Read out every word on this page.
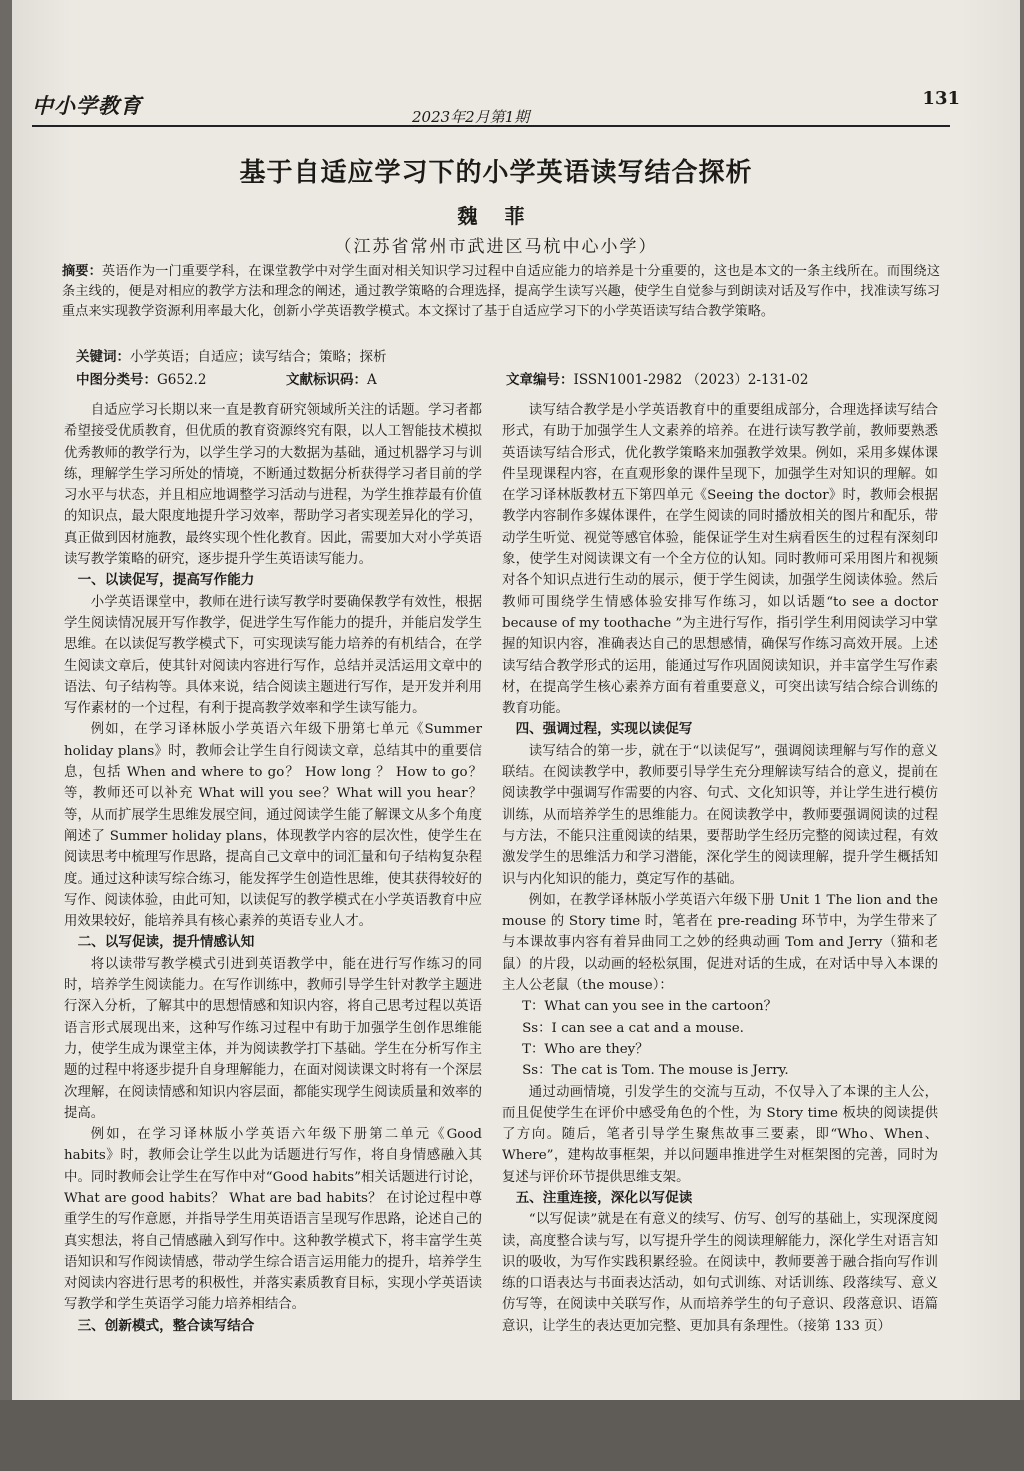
中小学教育	2023年2月第1期
131
基于自适应学习下的小学英语读写结合探析
魏 菲
（江苏省常州市武进区马杭中心小学）
摘要：英语作为一门重要学科，在课堂教学中对学生面对相关知识学习过程中自适应能力的培养是十分重要的，这也是本文的一条主线所在。而围绕这条主线的，便是对相应的教学方法和理念的阐述，通过教学策略的合理选择，提高学生读写兴趣，使学生自觉参与到朗读对话及写作中，找准读写练习重点来实现教学资源利用率最大化，创新小学英语教学模式。本文探讨了基于自适应学习下的小学英语读写结合教学策略。
关键词：小学英语；自适应；读写结合；策略；探析
中图分类号：G652.2	文献标识码：A	文章编号：ISSN1001-2982 （2023）2-131-02

自适应学习长期以来一直是教育研究领域所关注的话题。学习者都希望接受优质教育，但优质的教育资源终究有限，以人工智能技术模拟优秀教师的教学行为，以学生学习的大数据为基础，通过机器学习与训练，理解学生学习所处的情境，不断通过数据分析获得学习者目前的学习水平与状态，并且相应地调整学习活动与进程，为学生推荐最有价值的知识点，最大限度地提升学习效率，帮助学习者实现差异化的学习，真正做到因材施教，最终实现个性化教育。因此，需要加大对小学英语读写教学策略的研究，逐步提升学生英语读写能力。

一、以读促写，提高写作能力

小学英语课堂中，教师在进行读写教学时要确保教学有效性，根据学生阅读情况展开写作教学，促进学生写作能力的提升，并能启发学生思维。在以读促写教学模式下，可实现读写能力培养的有机结合，在学生阅读文章后，使其针对阅读内容进行写作，总结并灵活运用文章中的语法、句子结构等。具体来说，结合阅读主题进行写作，是开发并利用写作素材的一个过程，有利于提高教学效率和学生读写能力。

例如，在学习译林版小学英语六年级下册第七单元《Summer holiday plans》时，教师会让学生自行阅读文章，总结其中的重要信息，包括 When and where to go？ How long ？ How to go？等，教师还可以补充 What will you see？What will you hear？等，从而扩展学生思维发展空间，通过阅读学生能了解课文从多个角度阐述了 Summer holiday plans，体现教学内容的层次性，使学生在阅读思考中梳理写作思路，提高自己文章中的词汇量和句子结构复杂程度。通过这种读写综合练习，能发挥学生创造性思维，使其获得较好的写作、阅读体验，由此可知，以读促写的教学模式在小学英语教育中应用效果较好，能培养具有核心素养的英语专业人才。

二、以写促读，提升情感认知

将以读带写教学模式引进到英语教学中，能在进行写作练习的同时，培养学生阅读能力。在写作训练中，教师引导学生针对教学主题进行深入分析，了解其中的思想情感和知识内容，将自己思考过程以英语语言形式展现出来，这种写作练习过程中有助于加强学生创作思维能力，使学生成为课堂主体，并为阅读教学打下基础。学生在分析写作主题的过程中将逐步提升自身理解能力，在面对阅读课文时将有一个深层次理解，在阅读情感和知识内容层面，都能实现学生阅读质量和效率的提高。

例如，在学习译林版小学英语六年级下册第二单元《Good habits》时，教师会让学生以此为话题进行写作，将自身情感融入其中。同时教师会让学生在写作中对“Good habits”相关话题进行讨论，What are good habits？ What are bad habits？ 在讨论过程中尊重学生的写作意愿，并指导学生用英语语言呈现写作思路，论述自己的真实想法，将自己情感融入到写作中。这种教学模式下，将丰富学生英语知识和写作阅读情感，带动学生综合语言运用能力的提升，培养学生对阅读内容进行思考的积极性，并落实素质教育目标，实现小学英语读写教学和学生英语学习能力培养相结合。

三、创新模式，整合读写结合

读写结合教学是小学英语教育中的重要组成部分，合理选择读写结合形式，有助于加强学生人文素养的培养。在进行读写教学前，教师要熟悉英语读写结合形式，优化教学策略来加强教学效果。例如，采用多媒体课件呈现课程内容，在直观形象的课件呈现下，加强学生对知识的理解。如在学习译林版教材五下第四单元《Seeing the doctor》时，教师会根据教学内容制作多媒体课件，在学生阅读的同时播放相关的图片和配乐，带动学生听觉、视觉等感官体验，能保证学生对生病看医生的过程有深刻印象，使学生对阅读课文有一个全方位的认知。同时教师可采用图片和视频对各个知识点进行生动的展示，便于学生阅读，加强学生阅读体验。然后教师可围绕学生情感体验安排写作练习，如以话题“to see a doctor because of my toothache ”为主进行写作，指引学生利用阅读学习中掌握的知识内容，准确表达自己的思想感情，确保写作练习高效开展。上述读写结合教学形式的运用，能通过写作巩固阅读知识，并丰富学生写作素材，在提高学生核心素养方面有着重要意义，可突出读写结合综合训练的教育功能。

四、强调过程，实现以读促写

读写结合的第一步，就在于“以读促写”，强调阅读理解与写作的意义联结。在阅读教学中，教师要引导学生充分理解读写结合的意义，提前在阅读教学中强调写作需要的内容、句式、文化知识等，并让学生进行模仿训练，从而培养学生的思维能力。在阅读教学中，教师要强调阅读的过程与方法，不能只注重阅读的结果，要帮助学生经历完整的阅读过程，有效激发学生的思维活力和学习潜能，深化学生的阅读理解，提升学生概括知识与内化知识的能力，奠定写作的基础。

例如，在教学译林版小学英语六年级下册 Unit 1 The lion and the mouse 的 Story time 时，笔者在 pre-reading 环节中，为学生带来了与本课故事内容有着异曲同工之妙的经典动画 Tom and Jerry（猫和老鼠）的片段，以动画的轻松氛围，促进对话的生成，在对话中导入本课的主人公老鼠（the mouse）：

T：What can you see in the cartoon？

Ss：I can see a cat and a mouse.

T：Who are they？

Ss：The cat is Tom. The mouse is Jerry.

通过动画情境，引发学生的交流与互动，不仅导入了本课的主人公，而且促使学生在评价中感受角色的个性，为 Story time 板块的阅读提供了方向。随后，笔者引导学生聚焦故事三要素，即“Who、When、Where”，建构故事框架，并以问题串推进学生对框架图的完善，同时为复述与评价环节提供思维支架。

五、注重连接，深化以写促读

“以写促读”就是在有意义的续写、仿写、创写的基础上，实现深度阅读，高度整合读与写，以写提升学生的阅读理解能力，深化学生对语言知识的吸收，为写作实践积累经验。在阅读中，教师要善于融合指向写作训练的口语表达与书面表达活动，如句式训练、对话训练、段落续写、意义仿写等，在阅读中关联写作，从而培养学生的句子意识、段落意识、语篇意识，让学生的表达更加完整、更加具有条理性。（接第 133 页）
